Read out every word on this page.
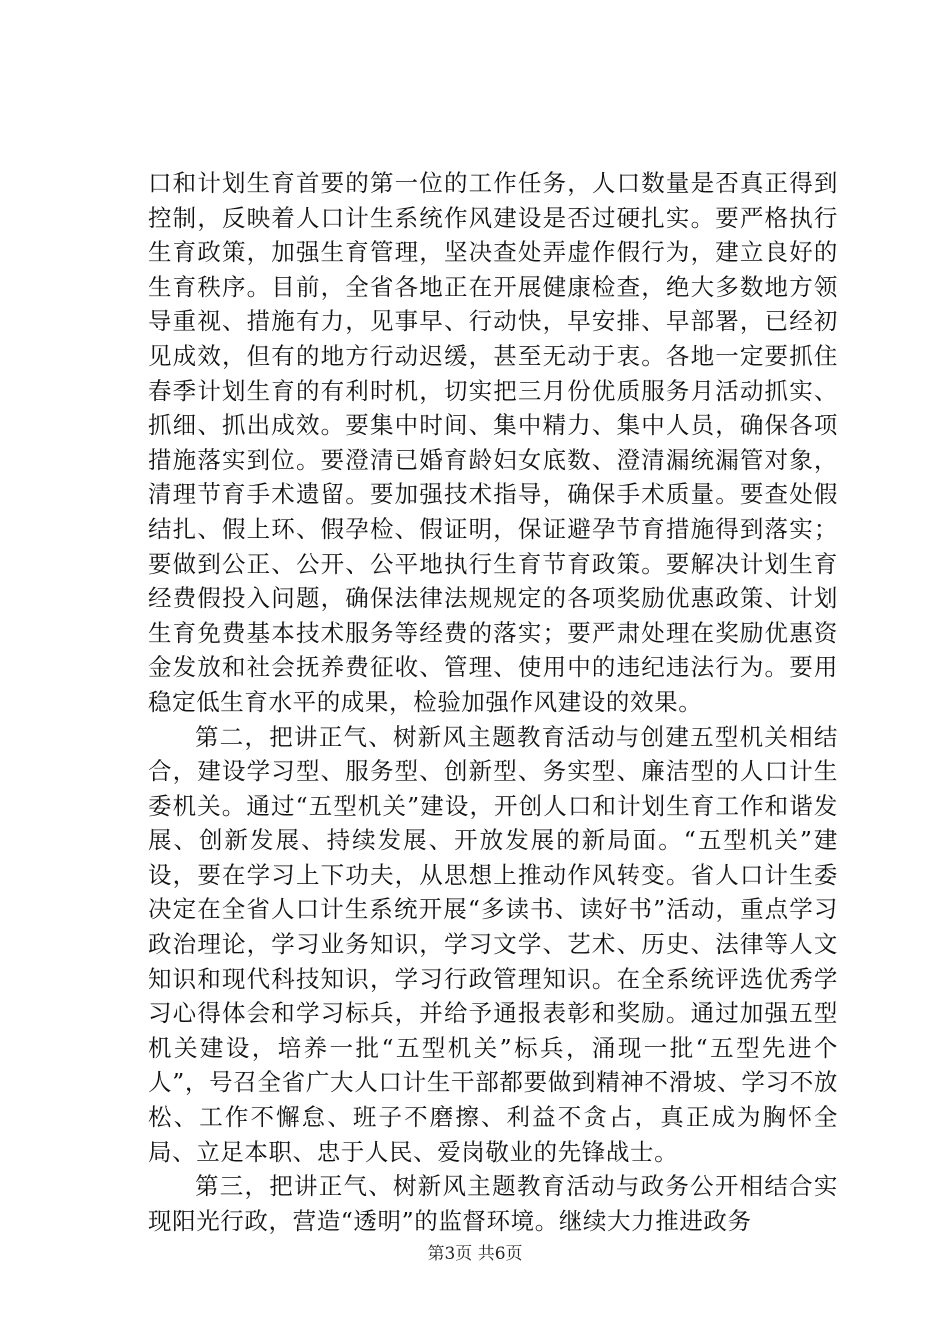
口和计划生育首要的第一位的工作任务，人口数量是否真正得到控制，反映着人口计生系统作风建设是否过硬扎实。要严格执行生育政策，加强生育管理，坚决查处弄虚作假行为，建立良好的生育秩序。目前，全省各地正在开展健康检查，绝大多数地方领导重视、措施有力，见事早、行动快，早安排、早部署，已经初见成效，但有的地方行动迟缓，甚至无动于衷。各地一定要抓住春季计划生育的有利时机，切实把三月份优质服务月活动抓实、抓细、抓出成效。要集中时间、集中精力、集中人员，确保各项措施落实到位。要澄清已婚育龄妇女底数、澄清漏统漏管对象，清理节育手术遗留。要加强技术指导，确保手术质量。要查处假结扎、假上环、假孕检、假证明，保证避孕节育措施得到落实；要做到公正、公开、公平地执行生育节育政策。要解决计划生育经费假投入问题，确保法律法规规定的各项奖励优惠政策、计划生育免费基本技术服务等经费的落实；要严肃处理在奖励优惠资金发放和社会抚养费征收、管理、使用中的违纪违法行为。要用稳定低生育水平的成果，检验加强作风建设的效果。

第二，把讲正气、树新风主题教育活动与创建五型机关相结合，建设学习型、服务型、创新型、务实型、廉洁型的人口计生委机关。通过“五型机关”建设，开创人口和计划生育工作和谐发展、创新发展、持续发展、开放发展的新局面。“五型机关”建设，要在学习上下功夫，从思想上推动作风转变。省人口计生委决定在全省人口计生系统开展“多读书、读好书”活动，重点学习政治理论，学习业务知识，学习文学、艺术、历史、法律等人文知识和现代科技知识，学习行政管理知识。在全系统评选优秀学习心得体会和学习标兵，并给予通报表彰和奖励。通过加强五型机关建设，培养一批“五型机关”标兵，涌现一批“五型先进个人”，号召全省广大人口计生干部都要做到精神不滑坡、学习不放松、工作不懈怠、班子不磨擦、利益不贪占，真正成为胸怀全局、立足本职、忠于人民、爱岗敬业的先锋战士。

第三，把讲正气、树新风主题教育活动与政务公开相结合实现阳光行政，营造“透明”的监督环境。继续大力推进政务

第3页 共6页
